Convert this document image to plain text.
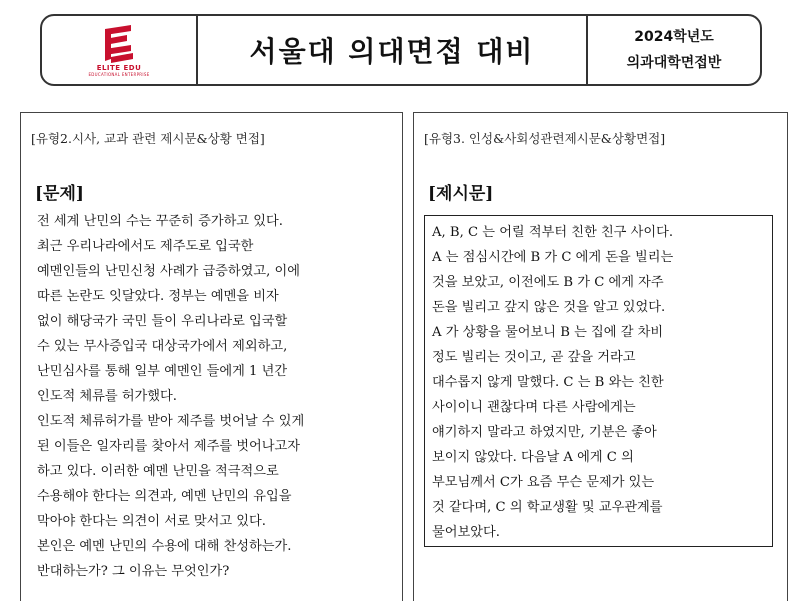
ELITE EDU
EDUCATIONAL ENTERPRISE
서울대 의대면접 대비	2024학년도
의과대학면접반
[유형2.시사, 교과 관련 제시문&상황 면접]
[문제]
전 세계 난민의 수는 꾸준히 증가하고 있다.
최근 우리나라에서도 제주도로 입국한
예멘인들의 난민신청 사례가 급증하였고, 이에
따른 논란도 잇달았다. 정부는 예멘을 비자
없이 해당국가 국민 들이 우리나라로 입국할
수 있는 무사증입국 대상국가에서 제외하고,
난민심사를 통해 일부 예멘인 들에게 1 년간
인도적 체류를 허가했다.
인도적 체류허가를 받아 제주를 벗어날 수 있게
된 이들은 일자리를 찾아서 제주를 벗어나고자
하고 있다. 이러한 예멘 난민을 적극적으로
수용해야 한다는 의견과, 예멘 난민의 유입을
막아야 한다는 의견이 서로 맞서고 있다.
본인은 예멘 난민의 수용에 대해 찬성하는가.
반대하는가? 그 이유는 무엇인가?
[유형3. 인성&사회성관련제시문&상황면접]
[제시문]
A, B, C 는 어릴 적부터 친한 친구 사이다.
A 는 점심시간에 B 가 C 에게 돈을 빌리는
것을 보았고, 이전에도 B 가 C 에게 자주
돈을 빌리고 갚지 않은 것을 알고 있었다.
A 가 상황을 물어보니 B 는 집에 갈 차비
정도 빌리는 것이고, 곧 갚을 거라고
대수롭지 않게 말했다. C 는 B 와는 친한
사이이니 괜찮다며 다른 사람에게는
얘기하지 말라고 하였지만, 기분은 좋아
보이지 않았다. 다음날 A 에게 C 의
부모님께서 C가 요즘 무슨 문제가 있는
것 같다며, C 의 학교생활 및 교우관계를
물어보았다.
